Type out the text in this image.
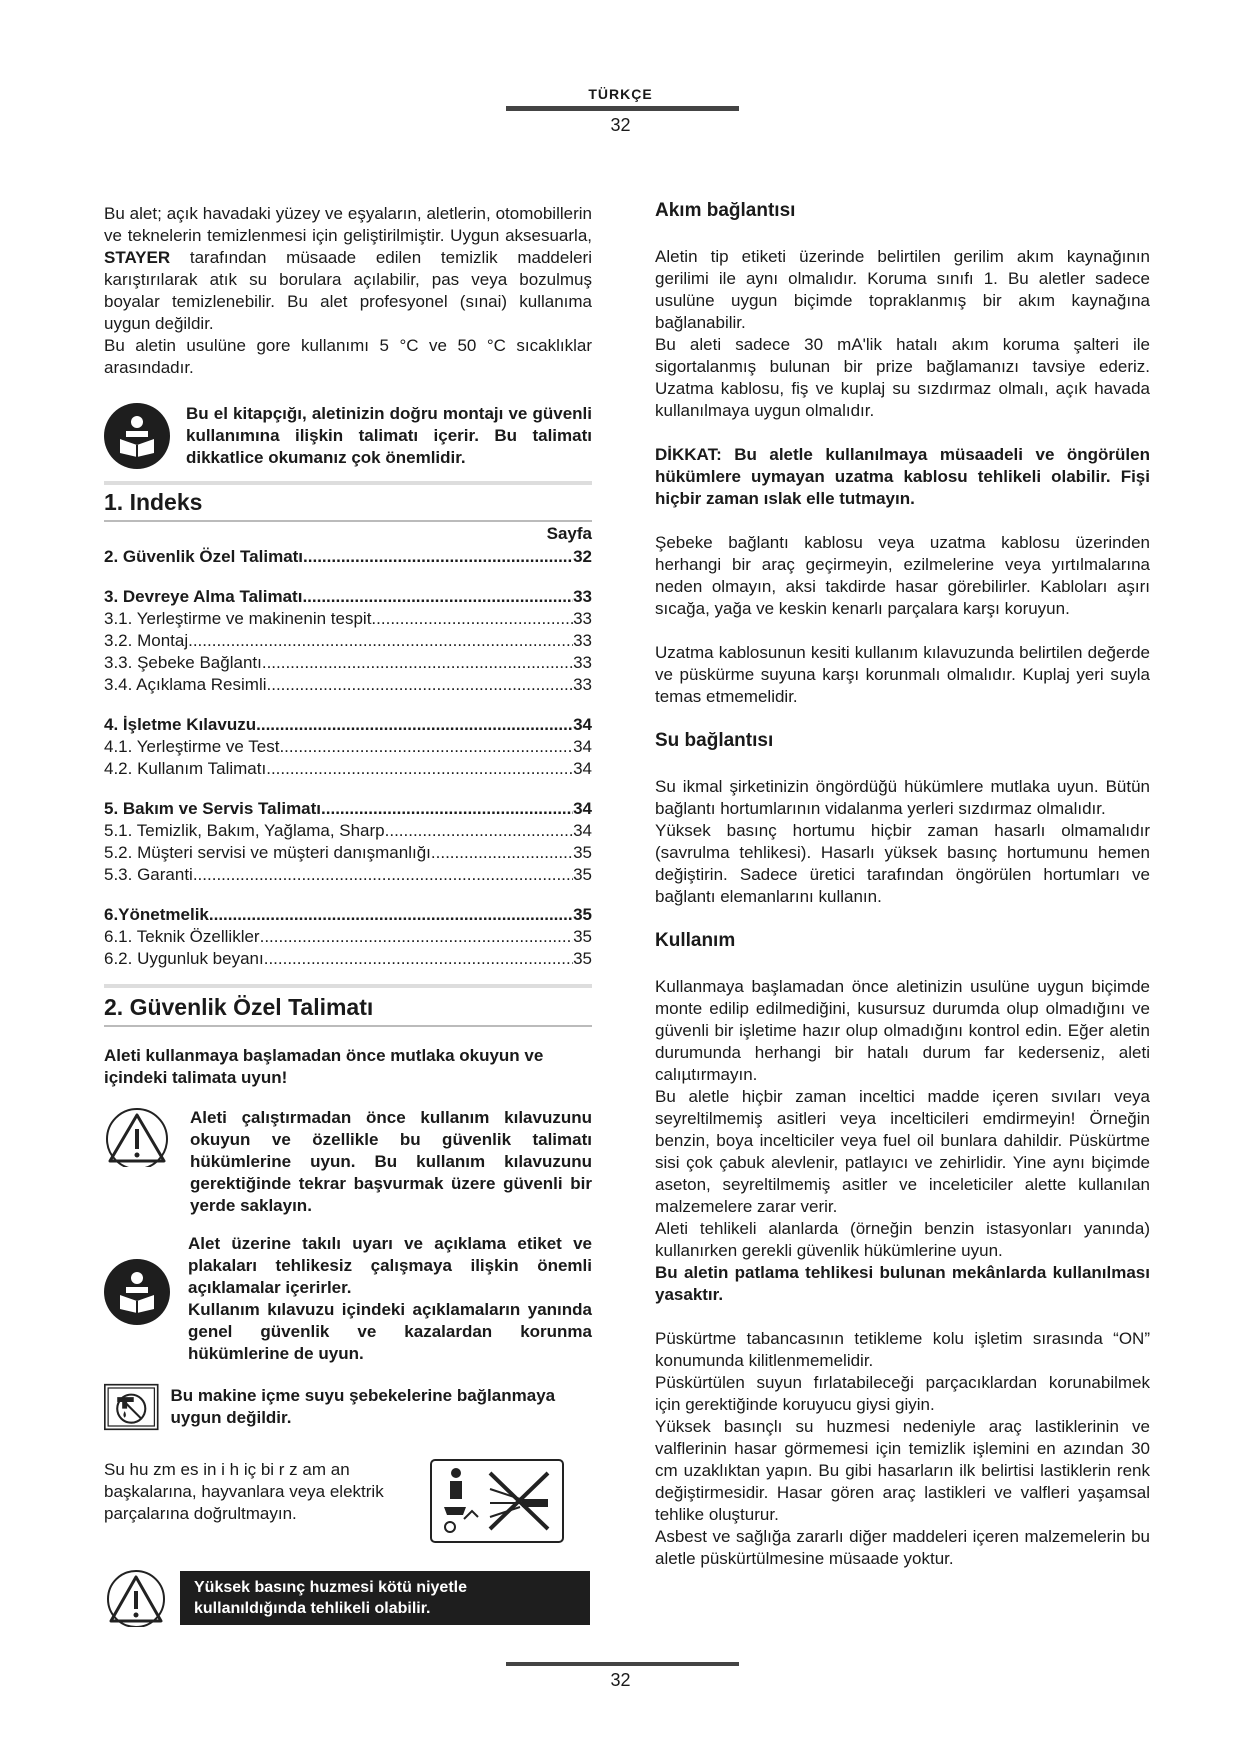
TÜRKÇE
32

Bu alet; açık havadaki yüzey ve eşyaların, aletlerin, otomobillerin ve teknelerin temizlenmesi için geliştirilmiştir. Uygun aksesuarla, STAYER tarafından müsaade edilen temizlik maddeleri karıştırılarak atık su borulara açılabilir, pas veya bozulmuş boyalar temizlenebilir. Bu alet profesyonel (sınai) kullanıma uygun değildir.

Bu aletin usulüne gore kullanımı 5 °C ve 50 °C sıcaklıklar arasındadır.

Bu el kitapçığı, aletinizin doğru montajı ve güvenli kullanımına ilişkin talimatı içerir. Bu talimatı dikkatlice okumanız çok önemlidir.

1. Indeks
Sayfa
2. Güvenlik Özel Talimatı .....	32
3. Devreye Alma Talimatı .....	33
3.1. Yerleştirme ve makinenin tespit .....	33
3.2. Montaj .....	33
3.3. Şebeke Bağlantı .....	33
3.4. Açıklama Resimli .....	33
4. İşletme Kılavuzu .....	34
4.1. Yerleştirme ve Test .....	34
4.2. Kullanım Talimatı .....	34
5. Bakım ve Servis Talimatı .....	34
5.1. Temizlik, Bakım, Yağlama, Sharp .....	34
5.2. Müşteri servisi ve müşteri danışmanlığı .....	35
5.3. Garanti .....	35
6.Yönetmelik .....	35
6.1. Teknik Özellikler .....	35
6.2. Uygunluk beyanı .....	35
2. Güvenlik Özel Talimatı

Aleti kullanmaya başlamadan önce mutlaka okuyun ve içindeki talimata uyun!

Aleti çalıştırmadan önce kullanım kılavuzunu okuyun ve özellikle bu güvenlik talimatı hükümlerine uyun. Bu kullanım kılavuzunu gerektiğinde tekrar başvurmak üzere güvenli bir yerde saklayın.

Alet üzerine takılı uyarı ve açıklama etiket ve plakaları tehlikesiz çalışmaya ilişkin önemli açıklamalar içerirler.

Kullanım kılavuzu içindeki açıklamaların yanında genel güvenlik ve kazalardan korunma hükümlerine de uyun.

Bu makine içme suyu şebekelerine bağlanmaya uygun değildir.

Su hu zm es in i h iç bi r z am an başkalarına, hayvanlara veya elektrik parçalarına doğrultmayın.

Yüksek basınç huzmesi kötü niyetle kullanıldığında tehlikeli olabilir.
Akım bağlantısı

Aletin tip etiketi üzerinde belirtilen gerilim akım kaynağının gerilimi ile aynı olmalıdır. Koruma sınıfı 1. Bu aletler sadece usulüne uygun biçimde topraklanmış bir akım kaynağına bağlanabilir.

Bu aleti sadece 30 mA'lik hatalı akım koruma şalteri ile sigortalanmış bulunan bir prize bağlamanızı tavsiye ederiz. Uzatma kablosu, fiş ve kuplaj su sızdırmaz olmalı, açık havada kullanılmaya uygun olmalıdır.

DİKKAT: Bu aletle kullanılmaya müsaadeli ve öngörülen hükümlere uymayan uzatma kablosu tehlikeli olabilir. Fişi hiçbir zaman ıslak elle tutmayın.

Şebeke bağlantı kablosu veya uzatma kablosu üzerinden herhangi bir araç geçirmeyin, ezilmelerine veya yırtılmalarına neden olmayın, aksi takdirde hasar görebilirler. Kabloları aşırı sıcağa, yağa ve keskin kenarlı parçalara karşı koruyun.

Uzatma kablosunun kesiti kullanım kılavuzunda belirtilen değerde ve püskürme suyuna karşı korunmalı olmalıdır. Kuplaj yeri suyla temas etmemelidir.

Su bağlantısı

Su ikmal şirketinizin öngördüğü hükümlere mutlaka uyun. Bütün bağlantı hortumlarının vidalanma yerleri sızdırmaz olmalıdır.

Yüksek basınç hortumu hiçbir zaman hasarlı olmamalıdır (savrulma tehlikesi). Hasarlı yüksek basınç hortumunu hemen değiştirin. Sadece üretici tarafından öngörülen hortumları ve bağlantı elemanlarını kullanın.

Kullanım

Kullanmaya başlamadan önce aletinizin usulüne uygun biçimde monte edilip edilmediğini, kusursuz durumda olup olmadığını ve güvenli bir işletime hazır olup olmadığını kontrol edin. Eğer aletin durumunda herhangi bir hatalı durum far kederseniz, aleti calıµtırmayın.

Bu aletle hiçbir zaman inceltici madde içeren sıvıları veya seyreltilmemiş asitleri veya incelticileri emdirmeyin! Örneğin benzin, boya incelticiler veya fuel oil bunlara dahildir. Püskürtme sisi çok çabuk alevlenir, patlayıcı ve zehirlidir. Yine aynı biçimde aseton, seyreltilmemiş asitler ve inceleticiler alette kullanılan malzemelere zarar verir.

Aleti tehlikeli alanlarda (örneğin benzin istasyonları yanında) kullanırken gerekli güvenlik hükümlerine uyun.

Bu aletin patlama tehlikesi bulunan mekânlarda kullanılması yasaktır.

Püskürtme tabancasının tetikleme kolu işletim sırasında “ON” konumunda kilitlenmemelidir.

Püskürtülen suyun fırlatabileceği parçacıklardan korunabilmek için gerektiğinde koruyucu giysi giyin.

Yüksek basınçlı su huzmesi nedeniyle araç lastiklerinin ve valflerinin hasar görmemesi için temizlik işlemini en azından 30 cm uzaklıktan yapın. Bu gibi hasarların ilk belirtisi lastiklerin renk değiştirmesidir. Hasar gören araç lastikleri ve valfleri yaşamsal tehlike oluşturur.

Asbest ve sağlığa zararlı diğer maddeleri içeren malzemelerin bu aletle püskürtülmesine müsaade yoktur.

32
